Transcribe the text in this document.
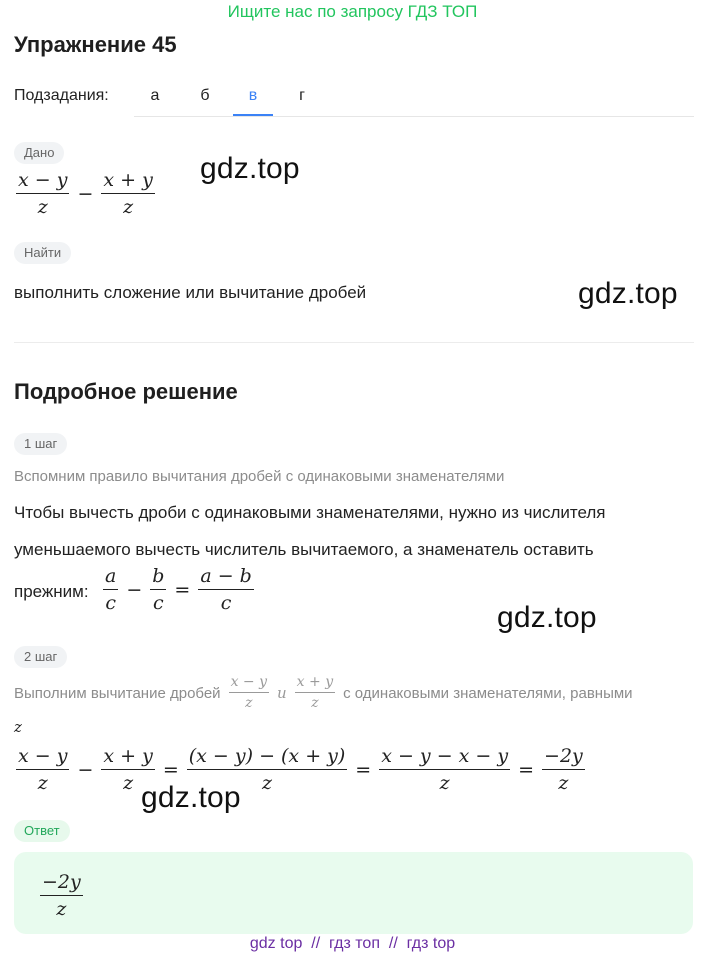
Ищите нас по запросу ГДЗ ТОП
Упражнение 45
Подзадания:	а	б	в	г
Дано
$\frac{x - y}{z} - \frac{x + y}{z}$
gdz.top
Найти
выполнить сложение или вычитание дробей	gdz.top
Подробное решение
1 шаг
Вспомним правило вычитания дробей с одинаковыми знаменателями
Чтобы вычесть дроби с одинаковыми знаменателями, нужно из числителя
уменьшаемого вычесть числитель вычитаемого, а знаменатель оставить
прежним: $\frac{a}{c} - \frac{b}{c} = \frac{a - b}{c}$
gdz.top
2 шаг
Выполним вычитание дробей $\frac{x - y}{z}$ и $\frac{x + y}{z}$ с одинаковыми знаменателями, равными
z
$\frac{x - y}{z} - \frac{x + y}{z} = \frac{(x - y) - (x + y)}{z} = \frac{x - y - x - y}{z} = \frac{-2y}{z}$
gdz.top
Ответ
$\frac{-2y}{z}$
gdz top  //  гдз топ  //  гдз top
